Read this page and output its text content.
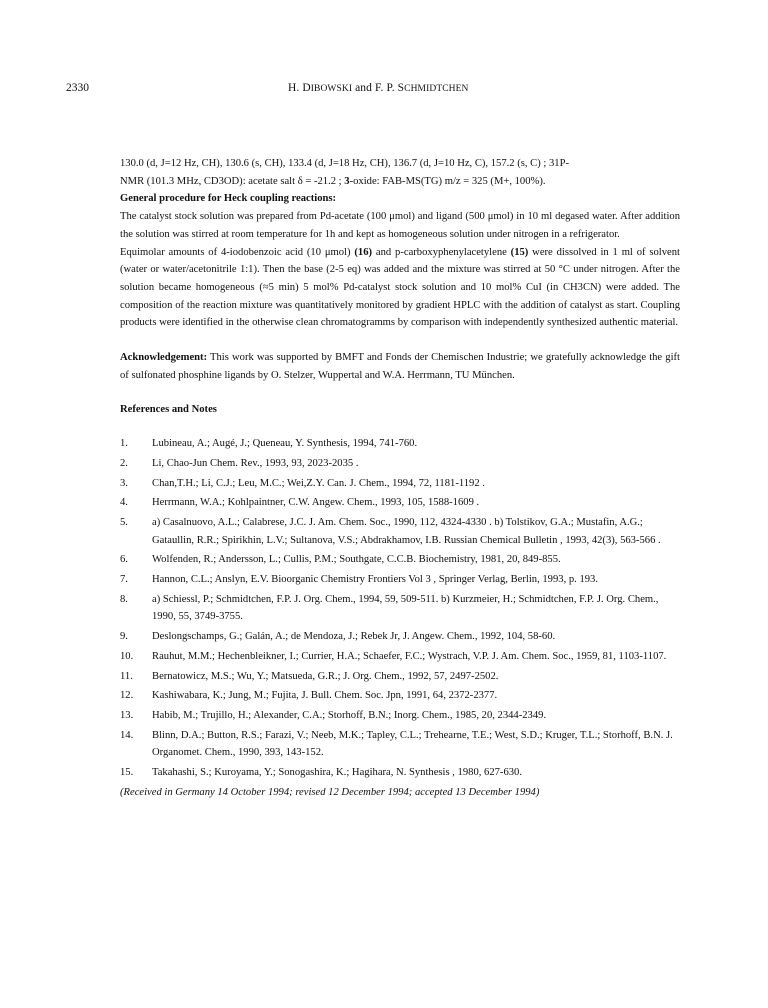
2330	H. DIBOWSKI and F. P. SCHMIDTCHEN

130.0 (d, J=12 Hz, CH), 130.6 (s, CH), 133.4 (d, J=18 Hz, CH), 136.7 (d, J=10 Hz, C), 157.2 (s, C) ; 31P-

NMR (101.3 MHz, CD3OD): acetate salt δ = -21.2 ; 3-oxide: FAB-MS(TG) m/z = 325 (M+, 100%).

General procedure for Heck coupling reactions:

The catalyst stock solution was prepared from Pd-acetate (100 μmol) and ligand (500 μmol) in 10 ml degased water. After addition the solution was stirred at room temperature for 1h and kept as homogeneous solution under nitrogen in a refrigerator.

Equimolar amounts of 4-iodobenzoic acid (10 μmol) (16) and p-carboxyphenylacetylene (15) were dissolved in 1 ml of solvent (water or water/acetonitrile 1:1). Then the base (2-5 eq) was added and the mixture was stirred at 50 °C under nitrogen. After the solution became homogeneous (≈5 min) 5 mol% Pd-catalyst stock solution and 10 mol% CuI (in CH3CN) were added. The composition of the reaction mixture was quantitatively monitored by gradient HPLC with the addition of catalyst as start. Coupling products were identified in the otherwise clean chromatogramms by comparison with independently synthesized authentic material.

Acknowledgement: This work was supported by BMFT and Fonds der Chemischen Industrie; we gratefully acknowledge the gift of sulfonated phosphine ligands by O. Stelzer, Wuppertal and W.A. Herrmann, TU München.

References and Notes

1. Lubineau, A.; Augé, J.; Queneau, Y. Synthesis, 1994, 741-760.
2. Li, Chao-Jun Chem. Rev., 1993, 93, 2023-2035 .
3. Chan,T.H.; Li, C.J.; Leu, M.C.; Wei,Z.Y. Can. J. Chem., 1994, 72, 1181-1192 .
4. Herrmann, W.A.; Kohlpaintner, C.W. Angew. Chem., 1993, 105, 1588-1609 .
5. a) Casalnuovo, A.L.; Calabrese, J.C. J. Am. Chem. Soc., 1990, 112, 4324-4330 . b) Tolstikov, G.A.; Mustafin, A.G.; Gataullin, R.R.; Spirikhin, L.V.; Sultanova, V.S.; Abdrakhamov, I.B. Russian Chemical Bulletin , 1993, 42(3), 563-566 .
6. Wolfenden, R.; Andersson, L.; Cullis, P.M.; Southgate, C.C.B. Biochemistry, 1981, 20, 849-855.
7. Hannon, C.L.; Anslyn, E.V. Bioorganic Chemistry Frontiers Vol 3 , Springer Verlag, Berlin, 1993, p. 193.
8. a) Schiessl, P.; Schmidtchen, F.P. J. Org. Chem., 1994, 59, 509-511. b) Kurzmeier, H.; Schmidtchen, F.P. J. Org. Chem., 1990, 55, 3749-3755.
9. Deslongschamps, G.; Galán, A.; de Mendoza, J.; Rebek Jr, J. Angew. Chem., 1992, 104, 58-60.
10. Rauhut, M.M.; Hechenbleikner, I.; Currier, H.A.; Schaefer, F.C.; Wystrach, V.P. J. Am. Chem. Soc., 1959, 81, 1103-1107.
11. Bernatowicz, M.S.; Wu, Y.; Matsueda, G.R.; J. Org. Chem., 1992, 57, 2497-2502.
12. Kashiwabara, K.; Jung, M.; Fujita, J. Bull. Chem. Soc. Jpn, 1991, 64, 2372-2377.
13. Habib, M.; Trujillo, H.; Alexander, C.A.; Storhoff, B.N.; Inorg. Chem., 1985, 20, 2344-2349.
14. Blinn, D.A.; Button, R.S.; Farazi, V.; Neeb, M.K.; Tapley, C.L.; Trehearne, T.E.; West, S.D.; Kruger, T.L.; Storhoff, B.N. J. Organomet. Chem., 1990, 393, 143-152.
15. Takahashi, S.; Kuroyama, Y.; Sonogashira, K.; Hagihara, N. Synthesis , 1980, 627-630.

(Received in Germany 14 October 1994; revised 12 December 1994; accepted 13 December 1994)
